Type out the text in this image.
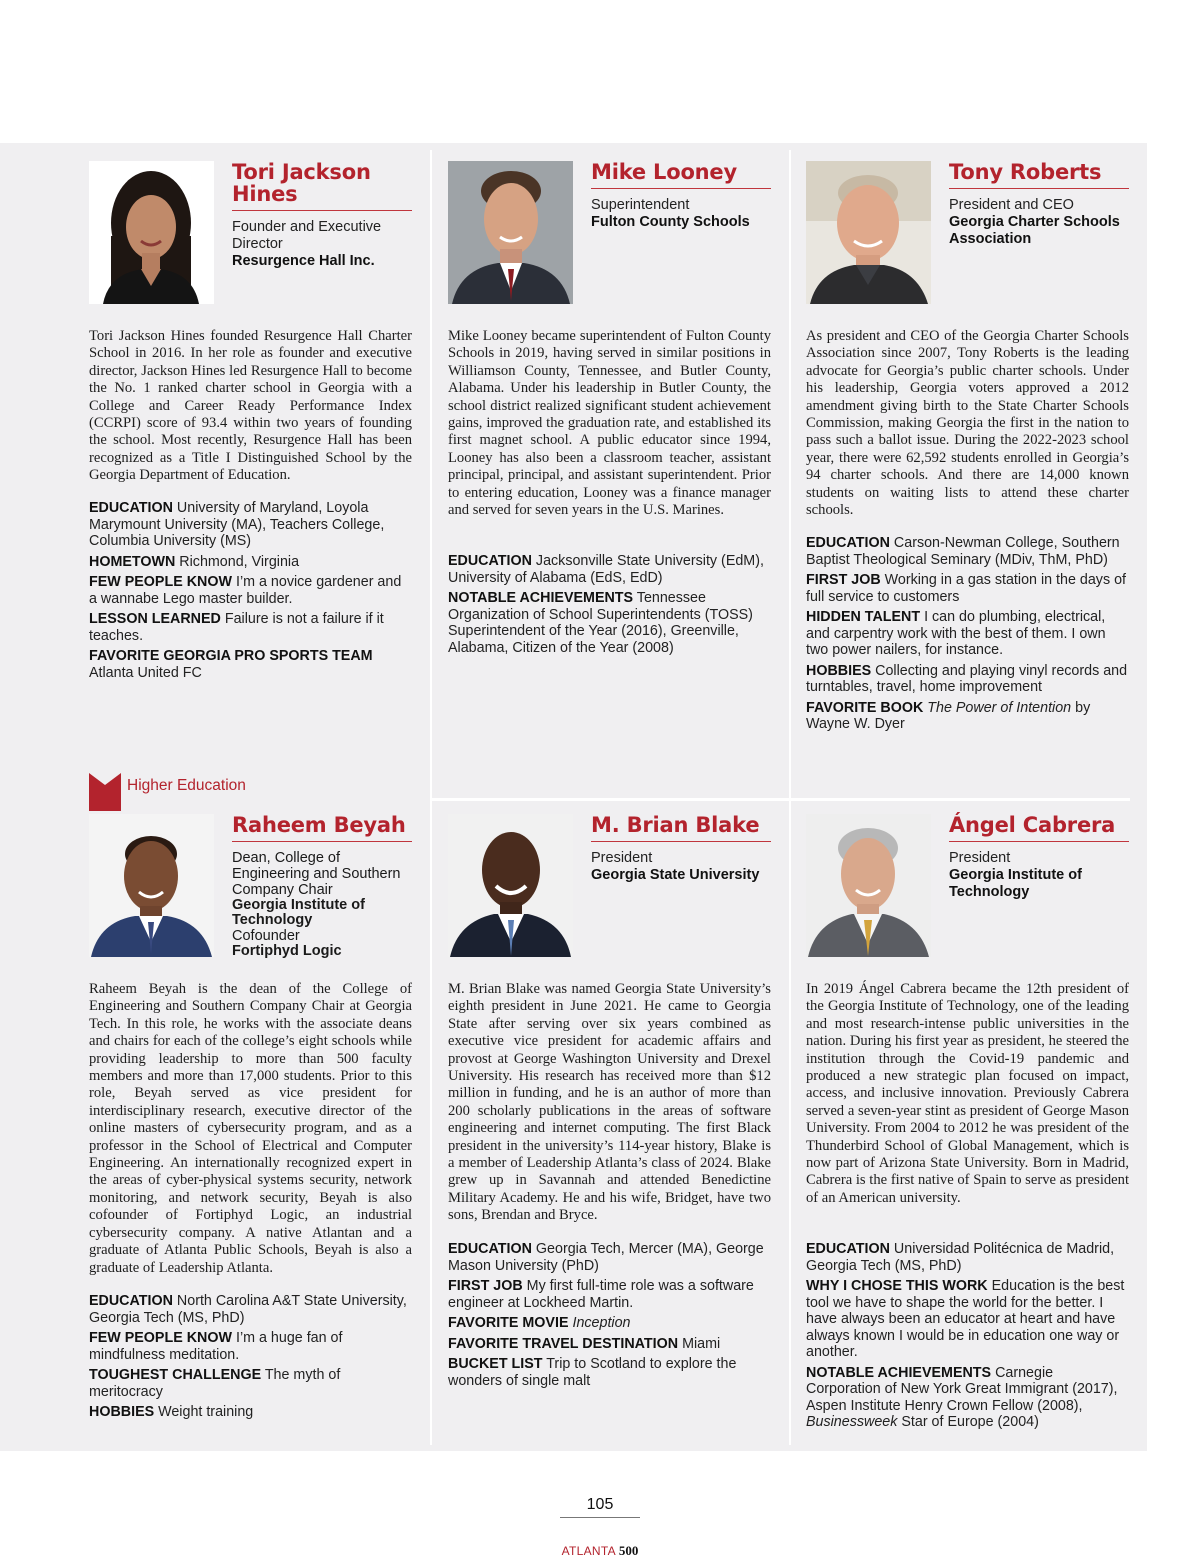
Tori Jackson Hines
Founder and Executive Director
Resurgence Hall Inc.
Tori Jackson Hines founded Resurgence Hall Charter School in 2016. In her role as founder and executive director, Jackson Hines led Resurgence Hall to become the No. 1 ranked charter school in Georgia with a College and Career Ready Performance Index (CCRPI) score of 93.4 within two years of founding the school. Most recently, Resurgence Hall has been recognized as a Title I Distinguished School by the Georgia Department of Education.
EDUCATION University of Maryland, Loyola Marymount University (MA), Teachers College, Columbia University (MS)
HOMETOWN Richmond, Virginia
FEW PEOPLE KNOW I’m a novice gardener and a wannabe Lego master builder.
LESSON LEARNED Failure is not a failure if it teaches.
FAVORITE GEORGIA PRO SPORTS TEAM
Atlanta United FC
Mike Looney
Superintendent
Fulton County Schools
Mike Looney became superintendent of Fulton County Schools in 2019, having served in similar positions in Williamson County, Tennessee, and Butler County, Alabama. Under his leadership in Butler County, the school district realized significant student achievement gains, improved the graduation rate, and established its first magnet school. A public educator since 1994, Looney has also been a classroom teacher, assistant principal, principal, and assistant superintendent. Prior to entering education, Looney was a finance manager and served for seven years in the U.S. Marines.
EDUCATION Jacksonville State University (EdM), University of Alabama (EdS, EdD)
NOTABLE ACHIEVEMENTS Tennessee Organization of School Superintendents (TOSS) Superintendent of the Year (2016), Greenville, Alabama, Citizen of the Year (2008)
Tony Roberts
President and CEO
Georgia Charter Schools Association
As president and CEO of the Georgia Charter Schools Association since 2007, Tony Roberts is the leading advocate for Georgia’s public charter schools. Under his leadership, Georgia voters approved a 2012 amendment giving birth to the State Charter Schools Commission, making Georgia the first in the nation to pass such a ballot issue. During the 2022-2023 school year, there were 62,592 students enrolled in Georgia’s 94 charter schools. And there are 14,000 known students on waiting lists to attend these charter schools.
EDUCATION Carson-Newman College, Southern Baptist Theological Seminary (MDiv, ThM, PhD)
FIRST JOB Working in a gas station in the days of full service to customers
HIDDEN TALENT I can do plumbing, electrical, and carpentry work with the best of them. I own two power nailers, for instance.
HOBBIES Collecting and playing vinyl records and turntables, travel, home improvement
FAVORITE BOOK The Power of Intention by Wayne W. Dyer
Higher Education
Raheem Beyah
Dean, College of Engineering and Southern Company Chair
Georgia Institute of Technology
Cofounder
Fortiphyd Logic
Raheem Beyah is the dean of the College of Engineering and Southern Company Chair at Georgia Tech. In this role, he works with the associate deans and chairs for each of the college’s eight schools while providing leadership to more than 500 faculty members and more than 17,000 students. Prior to this role, Beyah served as vice president for interdisciplinary research, executive director of the online masters of cybersecurity program, and as a professor in the School of Electrical and Computer Engineering. An internationally recognized expert in the areas of cyber-physical systems security, network monitoring, and network security, Beyah is also cofounder of Fortiphyd Logic, an industrial cybersecurity company. A native Atlantan and a graduate of Atlanta Public Schools, Beyah is also a graduate of Leadership Atlanta.
EDUCATION North Carolina A&T State University, Georgia Tech (MS, PhD)
FEW PEOPLE KNOW I’m a huge fan of mindfulness meditation.
TOUGHEST CHALLENGE The myth of meritocracy
HOBBIES Weight training
M. Brian Blake
President
Georgia State University
M. Brian Blake was named Georgia State University’s eighth president in June 2021. He came to Georgia State after serving over six years combined as executive vice president for academic affairs and provost at George Washington University and Drexel University. His research has received more than $12 million in funding, and he is an author of more than 200 scholarly publications in the areas of software engineering and internet computing. The first Black president in the university’s 114-year history, Blake is a member of Leadership Atlanta’s class of 2024. Blake grew up in Savannah and attended Benedictine Military Academy. He and his wife, Bridget, have two sons, Brendan and Bryce.
EDUCATION Georgia Tech, Mercer (MA), George Mason University (PhD)
FIRST JOB My first full-time role was a software engineer at Lockheed Martin.
FAVORITE MOVIE Inception
FAVORITE TRAVEL DESTINATION Miami
BUCKET LIST Trip to Scotland to explore the wonders of single malt
Ángel Cabrera
President
Georgia Institute of Technology
In 2019 Ángel Cabrera became the 12th president of the Georgia Institute of Technology, one of the leading and most research-intense public universities in the nation. During his first year as president, he steered the institution through the Covid-19 pandemic and produced a new strategic plan focused on impact, access, and inclusive innovation. Previously Cabrera served a seven-year stint as president of George Mason University. From 2004 to 2012 he was president of the Thunderbird School of Global Management, which is now part of Arizona State University. Born in Madrid, Cabrera is the first native of Spain to serve as president of an American university.
EDUCATION Universidad Politécnica de Madrid, Georgia Tech (MS, PhD)
WHY I CHOSE THIS WORK Education is the best tool we have to shape the world for the better. I have always been an educator at heart and have always known I would be in education one way or another.
NOTABLE ACHIEVEMENTS Carnegie Corporation of New York Great Immigrant (2017), Aspen Institute Henry Crown Fellow (2008), Businessweek Star of Europe (2004)
105
ATLANTA 500
